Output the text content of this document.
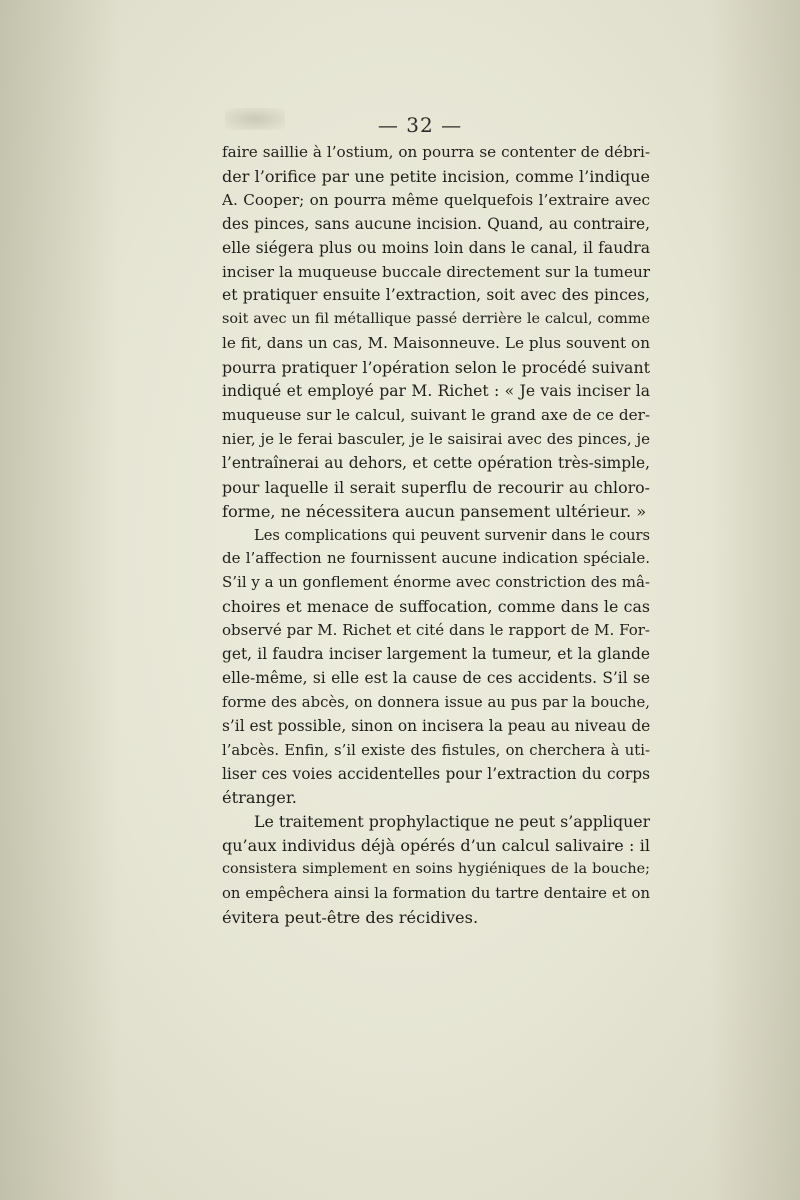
— 32 —
faire saillie à l’ostium, on pourra se contenter de débri-
der l’orifice par une petite incision, comme l’indique
A. Cooper; on pourra même quelquefois l’extraire avec
des pinces, sans aucune incision. Quand, au contraire,
elle siégera plus ou moins loin dans le canal, il faudra
inciser la muqueuse buccale directement sur la tumeur
et pratiquer ensuite l’extraction, soit avec des pinces,
soit avec un fil métallique passé derrière le calcul, comme
le fit, dans un cas, M. Maisonneuve. Le plus souvent on
pourra pratiquer l’opération selon le procédé suivant
indiqué et employé par M. Richet : « Je vais inciser la
muqueuse sur le calcul, suivant le grand axe de ce der-
nier, je le ferai basculer, je le saisirai avec des pinces, je
l’entraînerai au dehors, et cette opération très-simple,
pour laquelle il serait superflu de recourir au chloro-
forme, ne nécessitera aucun pansement ultérieur. »
Les complications qui peuvent survenir dans le cours
de l’affection ne fournissent aucune indication spéciale.
S’il y a un gonflement énorme avec constriction des mâ-
choires et menace de suffocation, comme dans le cas
observé par M. Richet et cité dans le rapport de M. For-
get, il faudra inciser largement la tumeur, et la glande
elle-même, si elle est la cause de ces accidents. S’il se
forme des abcès, on donnera issue au pus par la bouche,
s’il est possible, sinon on incisera la peau au niveau de
l’abcès. Enfin, s’il existe des fistules, on cherchera à uti-
liser ces voies accidentelles pour l’extraction du corps
étranger.
Le traitement prophylactique ne peut s’appliquer
qu’aux individus déjà opérés d’un calcul salivaire : il
consistera simplement en soins hygiéniques de la bouche;
on empêchera ainsi la formation du tartre dentaire et on
évitera peut-être des récidives.
